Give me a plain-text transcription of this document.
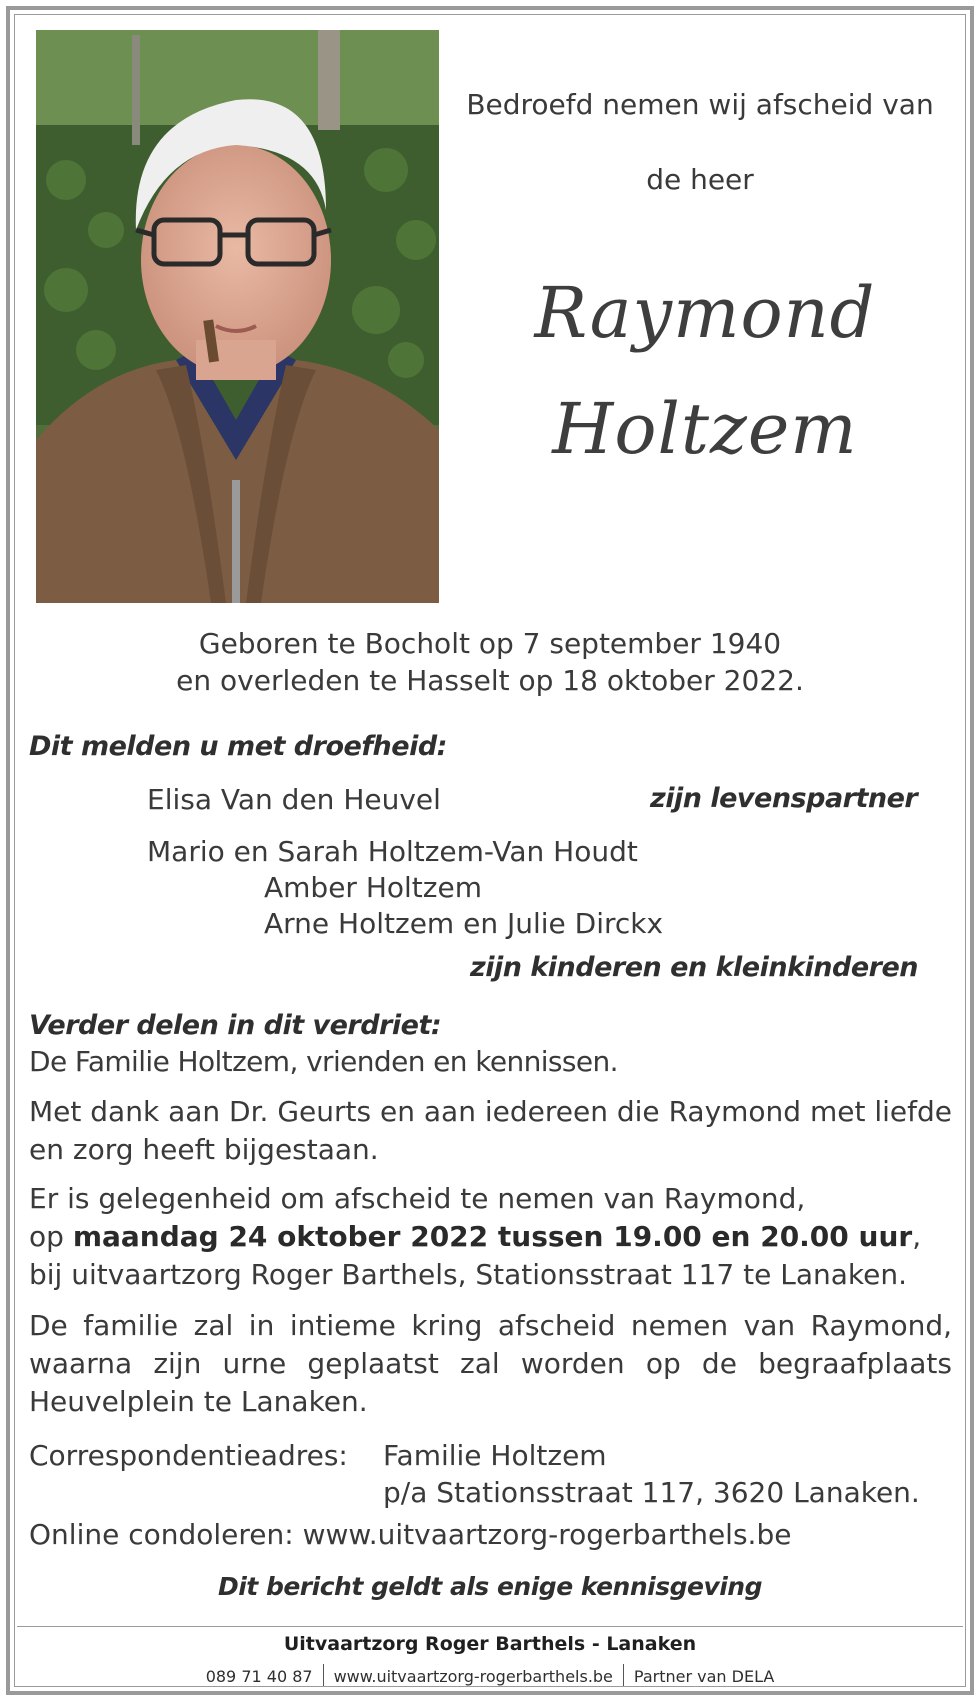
Bedroefd nemen wij afscheid van
de heer
Raymond
Holtzem
Geboren te Bocholt op 7 september 1940
en overleden te Hasselt op 18 oktober 2022.
Dit melden u met droefheid:
Elisa Van den Heuvel	zijn levenspartner
Mario en Sarah Holtzem-Van Houdt
Amber Holtzem
Arne Holtzem en Julie Dirckx
zijn kinderen en kleinkinderen
Verder delen in dit verdriet:
De Familie Holtzem, vrienden en kennissen.
Met dank aan Dr. Geurts en aan iedereen die Raymond met liefde en zorg heeft bijgestaan.
Er is gelegenheid om afscheid te nemen van Raymond,
op maandag 24 oktober 2022 tussen 19.00 en 20.00 uur,
bij uitvaartzorg Roger Barthels, Stationsstraat 117 te Lanaken.
De familie zal in intieme kring afscheid nemen van Raymond, waarna zijn urne geplaatst zal worden op de begraafplaats Heuvelplein te Lanaken.
Correspondentieadres: Familie Holtzem
p/a Stationsstraat 117, 3620 Lanaken.
Online condoleren: www.uitvaartzorg-rogerbarthels.be
Dit bericht geldt als enige kennisgeving
Uitvaartzorg Roger Barthels - Lanaken
089 71 40 87 www.uitvaartzorg-rogerbarthels.be Partner van DELA
